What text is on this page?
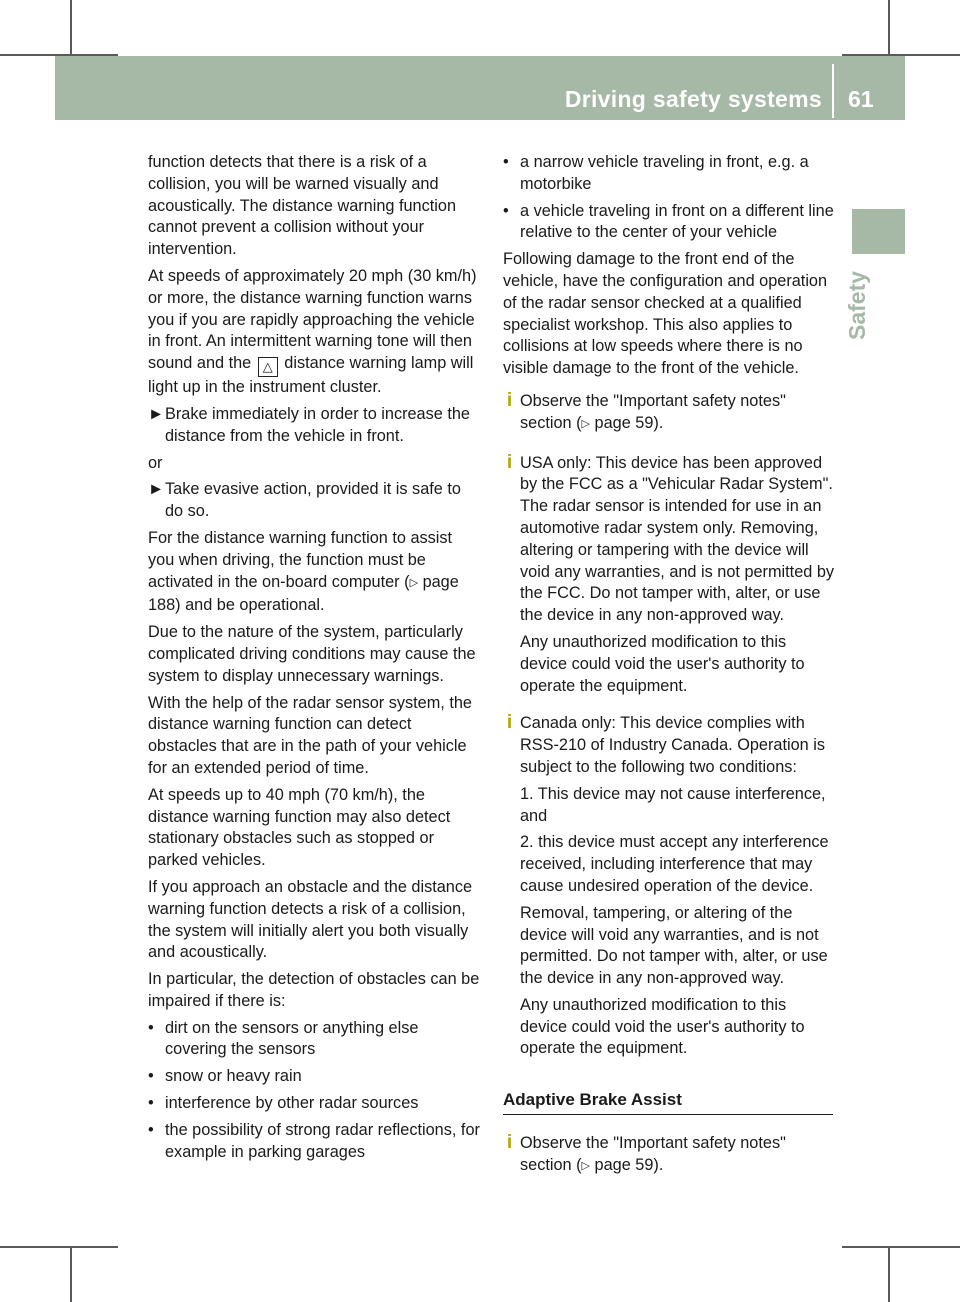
Driving safety systems 61
Safety

function detects that there is a risk of a collision, you will be warned visually and acoustically. The distance warning function cannot prevent a collision without your intervention.

At speeds of approximately 20 mph (30 km/h) or more, the distance warning function warns you if you are rapidly approaching the vehicle in front. An intermittent warning tone will then sound and the △ distance warning lamp will light up in the instrument cluster.

► Brake immediately in order to increase the distance from the vehicle in front.

or

► Take evasive action, provided it is safe to do so.

For the distance warning function to assist you when driving, the function must be activated in the on-board computer (▷ page 188) and be operational.

Due to the nature of the system, particularly complicated driving conditions may cause the system to display unnecessary warnings.

With the help of the radar sensor system, the distance warning function can detect obstacles that are in the path of your vehicle for an extended period of time.

At speeds up to 40 mph (70 km/h), the distance warning function may also detect stationary obstacles such as stopped or parked vehicles.

If you approach an obstacle and the distance warning function detects a risk of a collision, the system will initially alert you both visually and acoustically.

In particular, the detection of obstacles can be impaired if there is:

• dirt on the sensors or anything else covering the sensors
• snow or heavy rain
• interference by other radar sources
• the possibility of strong radar reflections, for example in parking garages
• a narrow vehicle traveling in front, e.g. a motorbike
• a vehicle traveling in front on a different line relative to the center of your vehicle

Following damage to the front end of the vehicle, have the configuration and operation of the radar sensor checked at a qualified specialist workshop. This also applies to collisions at low speeds where there is no visible damage to the front of the vehicle.

i Observe the "Important safety notes" section (▷ page 59).

i USA only: This device has been approved by the FCC as a "Vehicular Radar System". The radar sensor is intended for use in an automotive radar system only. Removing, altering or tampering with the device will void any warranties, and is not permitted by the FCC. Do not tamper with, alter, or use the device in any non-approved way.

Any unauthorized modification to this device could void the user's authority to operate the equipment.

i Canada only: This device complies with RSS-210 of Industry Canada. Operation is subject to the following two conditions:

1. This device may not cause interference, and

2. this device must accept any interference received, including interference that may cause undesired operation of the device.

Removal, tampering, or altering of the device will void any warranties, and is not permitted. Do not tamper with, alter, or use the device in any non-approved way.

Any unauthorized modification to this device could void the user's authority to operate the equipment.

Adaptive Brake Assist
i Observe the "Important safety notes" section (▷ page 59).
